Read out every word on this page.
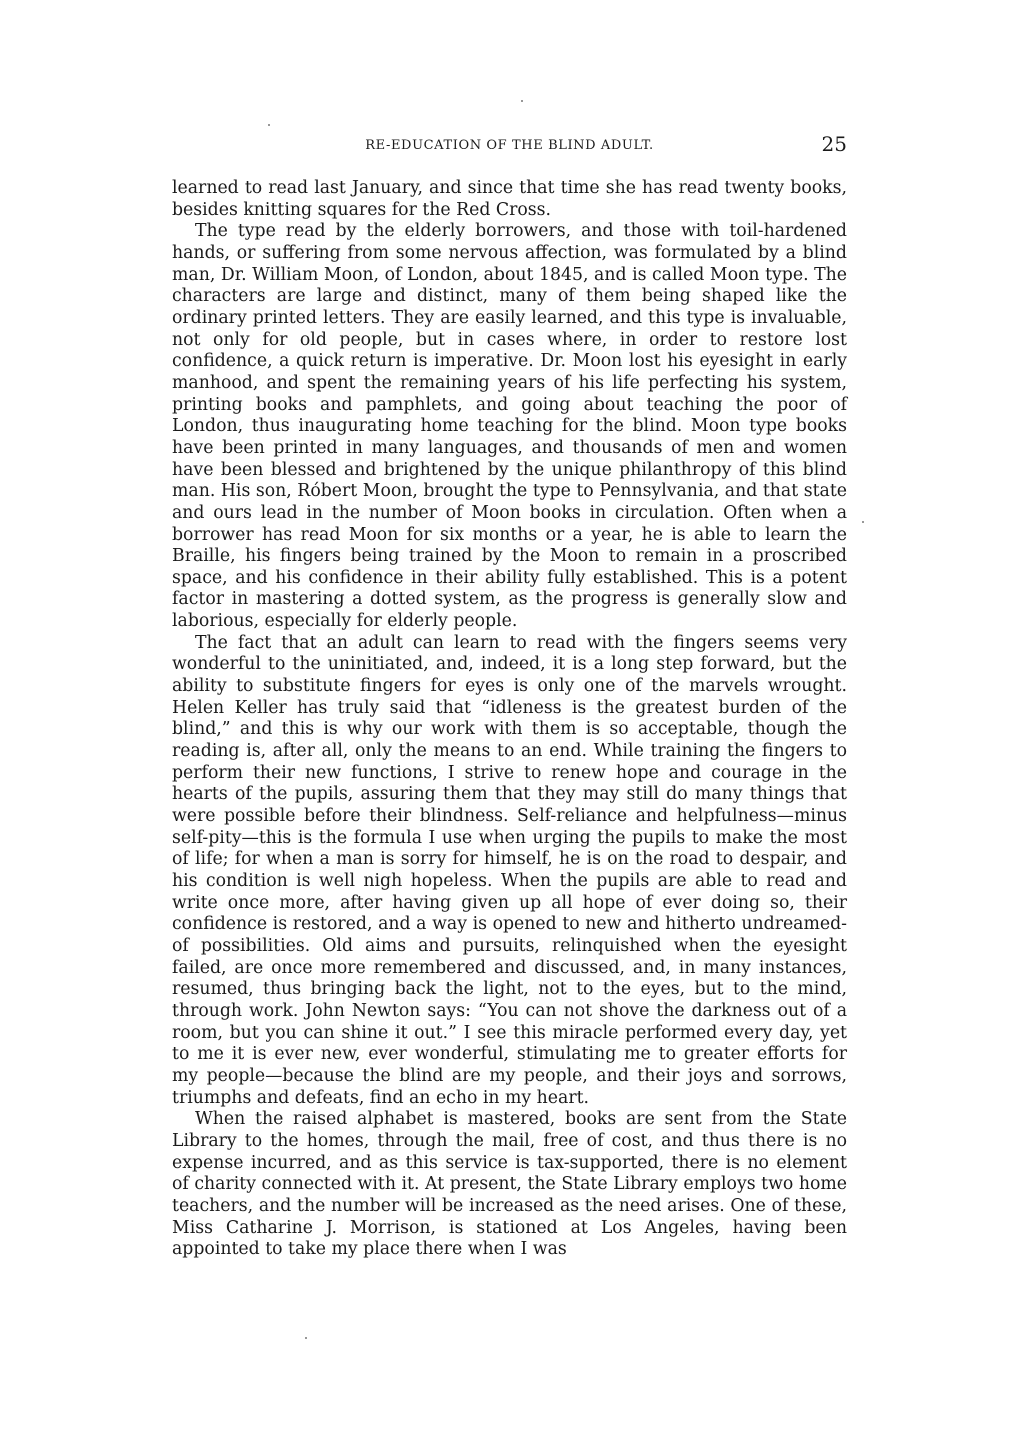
RE-EDUCATION OF THE BLIND ADULT.	25

learned to read last January, and since that time she has read twenty books, besides knitting squares for the Red Cross.

The type read by the elderly borrowers, and those with toil-hardened hands, or suffering from some nervous affection, was formulated by a blind man, Dr. William Moon, of London, about 1845, and is called Moon type. The characters are large and distinct, many of them being shaped like the ordinary printed letters. They are easily learned, and this type is invaluable, not only for old people, but in cases where, in order to restore lost confidence, a quick return is imperative. Dr. Moon lost his eyesight in early manhood, and spent the remaining years of his life perfecting his system, printing books and pamphlets, and going about teaching the poor of London, thus inaugurating home teaching for the blind. Moon type books have been printed in many languages, and thousands of men and women have been blessed and brightened by the unique philanthropy of this blind man. His son, Róbert Moon, brought the type to Pennsylvania, and that state and ours lead in the number of Moon books in circulation. Often when a borrower has read Moon for six months or a year, he is able to learn the Braille, his fingers being trained by the Moon to remain in a proscribed space, and his confidence in their ability fully established. This is a potent factor in mastering a dotted system, as the progress is generally slow and laborious, especially for elderly people.

The fact that an adult can learn to read with the fingers seems very wonderful to the uninitiated, and, indeed, it is a long step forward, but the ability to substitute fingers for eyes is only one of the marvels wrought. Helen Keller has truly said that “idleness is the greatest burden of the blind,” and this is why our work with them is so acceptable, though the reading is, after all, only the means to an end. While training the fingers to perform their new functions, I strive to renew hope and courage in the hearts of the pupils, assuring them that they may still do many things that were possible before their blindness. Self-reliance and helpfulness—minus self-pity—this is the formula I use when urging the pupils to make the most of life; for when a man is sorry for himself, he is on the road to despair, and his condition is well nigh hopeless. When the pupils are able to read and write once more, after having given up all hope of ever doing so, their confidence is restored, and a way is opened to new and hitherto undreamed-of possibilities. Old aims and pursuits, relinquished when the eyesight failed, are once more remembered and discussed, and, in many instances, resumed, thus bringing back the light, not to the eyes, but to the mind, through work. John Newton says: “You can not shove the darkness out of a room, but you can shine it out.” I see this miracle performed every day, yet to me it is ever new, ever wonderful, stimulating me to greater efforts for my people—because the blind are my people, and their joys and sorrows, triumphs and defeats, find an echo in my heart.

When the raised alphabet is mastered, books are sent from the State Library to the homes, through the mail, free of cost, and thus there is no expense incurred, and as this service is tax-supported, there is no element of charity connected with it. At present, the State Library employs two home teachers, and the number will be increased as the need arises. One of these, Miss Catharine J. Morrison, is stationed at Los Angeles, having been appointed to take my place there when I was
